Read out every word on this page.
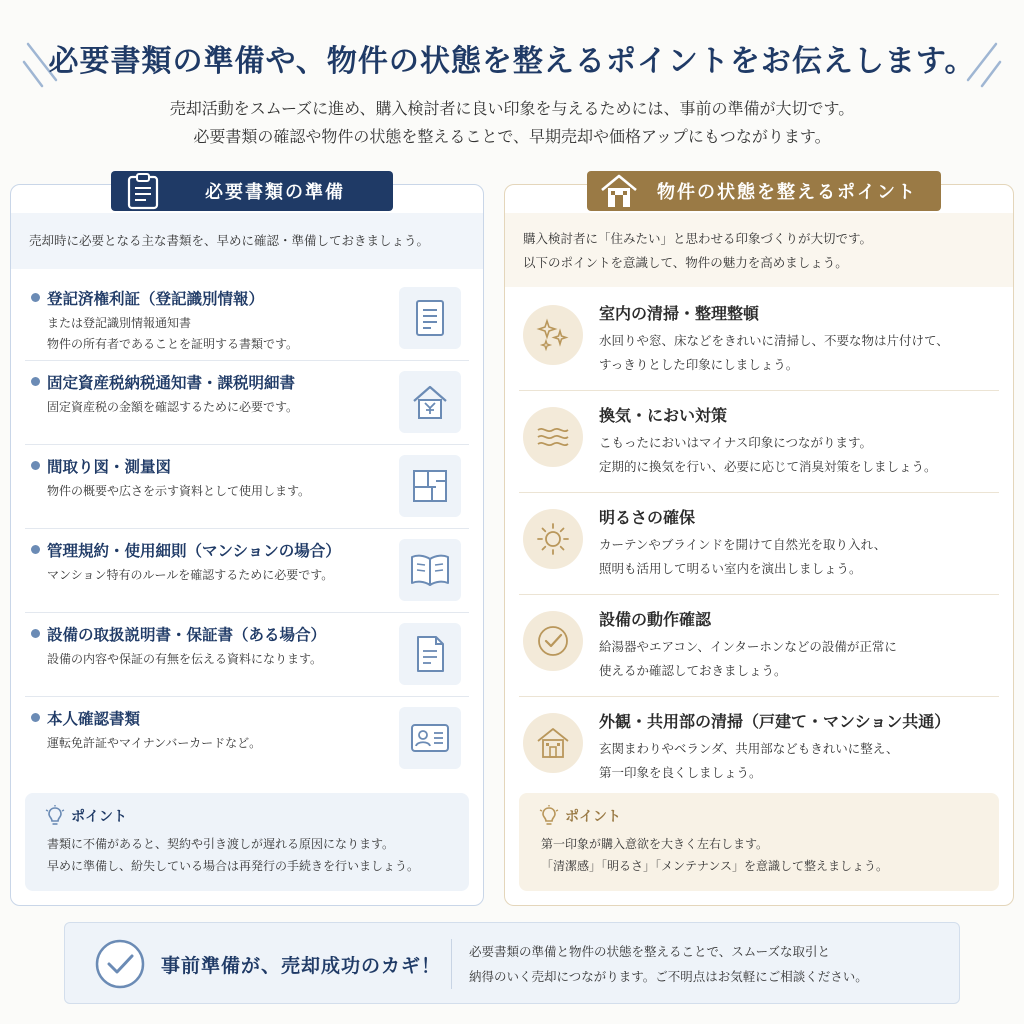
必要書類の準備や、物件の状態を整えるポイントをお伝えします。
売却活動をスムーズに進め、購入検討者に良い印象を与えるためには、事前の準備が大切です。
必要書類の確認や物件の状態を整えることで、早期売却や価格アップにもつながります。
必要書類の準備
売却時に必要となる主な書類を、早めに確認・準備しておきましょう。
登記済権利証（登記識別情報）
または登記識別情報通知書
物件の所有者であることを証明する書類です。
固定資産税納税通知書・課税明細書
固定資産税の金額を確認するために必要です。
間取り図・測量図
物件の概要や広さを示す資料として使用します。
管理規約・使用細則（マンションの場合）
マンション特有のルールを確認するために必要です。
設備の取扱説明書・保証書（ある場合）
設備の内容や保証の有無を伝える資料になります。
本人確認書類
運転免許証やマイナンバーカードなど。
ポイント
書類に不備があると、契約や引き渡しが遅れる原因になります。
早めに準備し、紛失している場合は再発行の手続きを行いましょう。
物件の状態を整えるポイント
購入検討者に「住みたい」と思わせる印象づくりが大切です。
以下のポイントを意識して、物件の魅力を高めましょう。
室内の清掃・整理整頓
水回りや窓、床などをきれいに清掃し、不要な物は片付けて、
すっきりとした印象にしましょう。
換気・におい対策
こもったにおいはマイナス印象につながります。
定期的に換気を行い、必要に応じて消臭対策をしましょう。
明るさの確保
カーテンやブラインドを開けて自然光を取り入れ、
照明も活用して明るい室内を演出しましょう。
設備の動作確認
給湯器やエアコン、インターホンなどの設備が正常に
使えるか確認しておきましょう。
外観・共用部の清掃（戸建て・マンション共通）
玄関まわりやベランダ、共用部などもきれいに整え、
第一印象を良くしましょう。
ポイント
第一印象が購入意欲を大きく左右します。
「清潔感」「明るさ」「メンテナンス」を意識して整えましょう。
事前準備が、売却成功のカギ！
必要書類の準備と物件の状態を整えることで、スムーズな取引と
納得のいく売却につながります。ご不明点はお気軽にご相談ください。
